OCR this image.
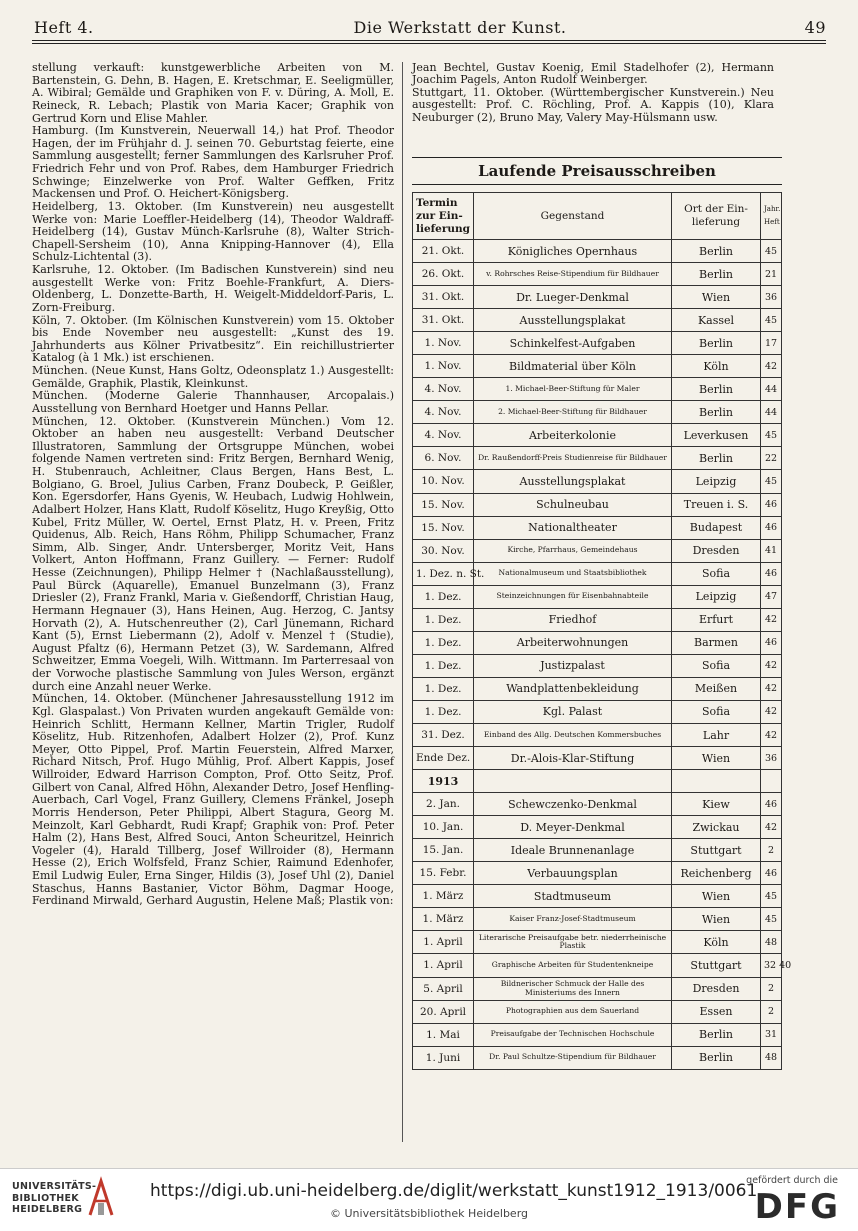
Heft 4.	Die Werkstatt der Kunst.	49

stellung verkauft: kunstgewerbliche Arbeiten von M. Bartenstein, G. Dehn, B. Hagen, E. Kretschmar, E. Seeligmüller, A. Wibiral; Gemälde und Graphiken von F. v. Düring, A. Moll, E. Reineck, R. Lebach; Plastik von Maria Kacer; Graphik von Gertrud Korn und Elise Mahler.

Hamburg. (Im Kunstverein, Neuerwall 14,) hat Prof. Theodor Hagen, der im Frühjahr d. J. seinen 70. Geburtstag feierte, eine Sammlung ausgestellt; ferner Sammlungen des Karlsruher Prof. Friedrich Fehr und von Prof. Rabes, dem Hamburger Friedrich Schwinge; Einzelwerke von Prof. Walter Geffken, Fritz Mackensen und Prof. O. Heichert-Königsberg.

Heidelberg, 13. Oktober. (Im Kunstverein) neu ausgestellt Werke von: Marie Loeffler-Heidelberg (14), Theodor Waldraff-Heidelberg (14), Gustav Münch-Karlsruhe (8), Walter Strich-Chapell-Sersheim (10), Anna Knipping-Hannover (4), Ella Schulz-Lichtental (3).

Karlsruhe, 12. Oktober. (Im Badischen Kunstverein) sind neu ausgestellt Werke von: Fritz Boehle-Frankfurt, A. Diers-Oldenberg, L. Donzette-Barth, H. Weigelt-Middeldorf-Paris, L. Zorn-Freiburg.

Köln, 7. Oktober. (Im Kölnischen Kunstverein) vom 15. Oktober bis Ende November neu ausgestellt: „Kunst des 19. Jahrhunderts aus Kölner Privatbesitz“. Ein reichillustrierter Katalog (à 1 Mk.) ist erschienen.

München. (Neue Kunst, Hans Goltz, Odeonsplatz 1.) Ausgestellt: Gemälde, Graphik, Plastik, Kleinkunst.

München. (Moderne Galerie Thannhauser, Arcopalais.) Ausstellung von Bernhard Hoetger und Hanns Pellar.

München, 12. Oktober. (Kunstverein München.) Vom 12. Oktober an haben neu ausgestellt: Verband Deutscher Illustratoren, Sammlung der Ortsgruppe München, wobei folgende Namen vertreten sind: Fritz Bergen, Bernhard Wenig, H. Stubenrauch, Achleitner, Claus Bergen, Hans Best, L. Bolgiano, G. Broel, Julius Carben, Franz Doubeck, P. Geißler, Kon. Egersdorfer, Hans Gyenis, W. Heubach, Ludwig Hohlwein, Adalbert Holzer, Hans Klatt, Rudolf Köselitz, Hugo Kreyßig, Otto Kubel, Fritz Müller, W. Oertel, Ernst Platz, H. v. Preen, Fritz Quidenus, Alb. Reich, Hans Röhm, Philipp Schumacher, Franz Simm, Alb. Singer, Andr. Untersberger, Moritz Veit, Hans Volkert, Anton Hoffmann, Franz Guillery. — Ferner: Rudolf Hesse (Zeichnungen), Philipp Helmer † (Nachlaßausstellung), Paul Bürck (Aquarelle), Emanuel Bunzelmann (3), Franz Driesler (2), Franz Frankl, Maria v. Gießendorff, Christian Haug, Hermann Hegnauer (3), Hans Heinen, Aug. Herzog, C. Jantsy Horvath (2), A. Hutschenreuther (2), Carl Jünemann, Richard Kant (5), Ernst Liebermann (2), Adolf v. Menzel † (Studie), August Pfaltz (6), Hermann Petzet (3), W. Sardemann, Alfred Schweitzer, Emma Voegeli, Wilh. Wittmann. Im Parterresaal von der Vorwoche plastische Sammlung von Jules Werson, ergänzt durch eine Anzahl neuer Werke.

München, 14. Oktober. (Münchener Jahresausstellung 1912 im Kgl. Glaspalast.) Von Privaten wurden angekauft Gemälde von: Heinrich Schlitt, Hermann Kellner, Martin Trigler, Rudolf Köselitz, Hub. Ritzenhofen, Adalbert Holzer (2), Prof. Kunz Meyer, Otto Pippel, Prof. Martin Feuerstein, Alfred Marxer, Richard Nitsch, Prof. Hugo Mühlig, Prof. Albert Kappis, Josef Willroider, Edward Harrison Compton, Prof. Otto Seitz, Prof. Gilbert von Canal, Alfred Höhn, Alexander Detro, Josef Henfling-Auerbach, Carl Vogel, Franz Guillery, Clemens Fränkel, Joseph Morris Henderson, Peter Philippi, Albert Stagura, Georg M. Meinzolt, Karl Gebhardt, Rudi Krapf; Graphik von: Prof. Peter Halm (2), Hans Best, Alfred Souci, Anton Scheuritzel, Heinrich Vogeler (4), Harald Tillberg, Josef Willroider (8), Hermann Hesse (2), Erich Wolfsfeld, Franz Schier, Raimund Edenhofer, Emil Ludwig Euler, Erna Singer, Hildis (3), Josef Uhl (2), Daniel Staschus, Hanns Bastanier, Victor Böhm, Dagmar Hooge, Ferdinand Mirwald, Gerhard Augustin, Helene Maß; Plastik von:

Jean Bechtel, Gustav Koenig, Emil Stadelhofer (2), Hermann Joachim Pagels, Anton Rudolf Weinberger.

Stuttgart, 11. Oktober. (Württembergischer Kunstverein.) Neu ausgestellt: Prof. C. Röchling, Prof. A. Kappis (10), Klara Neuburger (2), Bruno May, Valery May-Hülsmann usw.

Laufende Preisausschreiben
Termin zur Ein-lieferung	Gegenstand	Ort der Ein-lieferung	Jahr. Heft
21. Okt.	Königliches Opernhaus	Berlin	45
26. Okt.	v. Rohrsches Reise-Stipendium für Bildhauer	Berlin	21
31. Okt.	Dr. Lueger-Denkmal	Wien	36
31. Okt.	Ausstellungsplakat	Kassel	45
1. Nov.	Schinkelfest-Aufgaben	Berlin	17
1. Nov.	Bildmaterial über Köln	Köln	42
4. Nov.	1. Michael-Beer-Stiftung für Maler	Berlin	44
4. Nov.	2. Michael-Beer-Stiftung für Bildhauer	Berlin	44
4. Nov.	Arbeiterkolonie	Leverkusen	45
6. Nov.	Dr. Raußendorff-Preis Studienreise für Bildhauer	Berlin	22
10. Nov.	Ausstellungsplakat	Leipzig	45
15. Nov.	Schulneubau	Treuen i. S.	46
15. Nov.	Nationaltheater	Budapest	46
30. Nov.	Kirche, Pfarrhaus, Gemeindehaus	Dresden	41
1. Dez. n. St.	Nationalmuseum und Staatsbibliothek	Sofia	46
1. Dez.	Steinzeichnungen für Eisenbahnabteile	Leipzig	47
1. Dez.	Friedhof	Erfurt	42
1. Dez.	Arbeiterwohnungen	Barmen	46
1. Dez.	Justizpalast	Sofia	42
1. Dez.	Wandplattenbekleidung	Meißen	42
1. Dez.	Kgl. Palast	Sofia	42
31. Dez.	Einband des Allg. Deutschen Kommersbuches	Lahr	42
Ende Dez.	Dr.-Alois-Klar-Stiftung	Wien	36
1913			
2. Jan.	Schewczenko-Denkmal	Kiew	46
10. Jan.	D. Meyer-Denkmal	Zwickau	42
15. Jan.	Ideale Brunnenanlage	Stuttgart	2
15. Febr.	Verbauungsplan	Reichenberg	46
1. März	Stadtmuseum	Wien	45
1. März	Kaiser Franz-Josef-Stadtmuseum	Wien	45
1. April	Literarische Preisaufgabe betr. niederrheinische Plastik	Köln	48
1. April	Graphische Arbeiten für Studentenkneipe	Stuttgart	32 40
5. April	Bildnerischer Schmuck der Halle des Ministeriums des Innern	Dresden	2
20. April	Photographien aus dem Sauerland	Essen	2
1. Mai	Preisaufgabe der Technischen Hochschule	Berlin	31
1. Juni	Dr. Paul Schultze-Stipendium für Bildhauer	Berlin	48
UNIVERSITÄTS-
BIBLIOTHEK
HEIDELBERG
https://digi.ub.uni-heidelberg.de/diglit/werkstatt_kunst1912_1913/0061
© Universitätsbibliothek Heidelberg
gefördert durch die
DFG
